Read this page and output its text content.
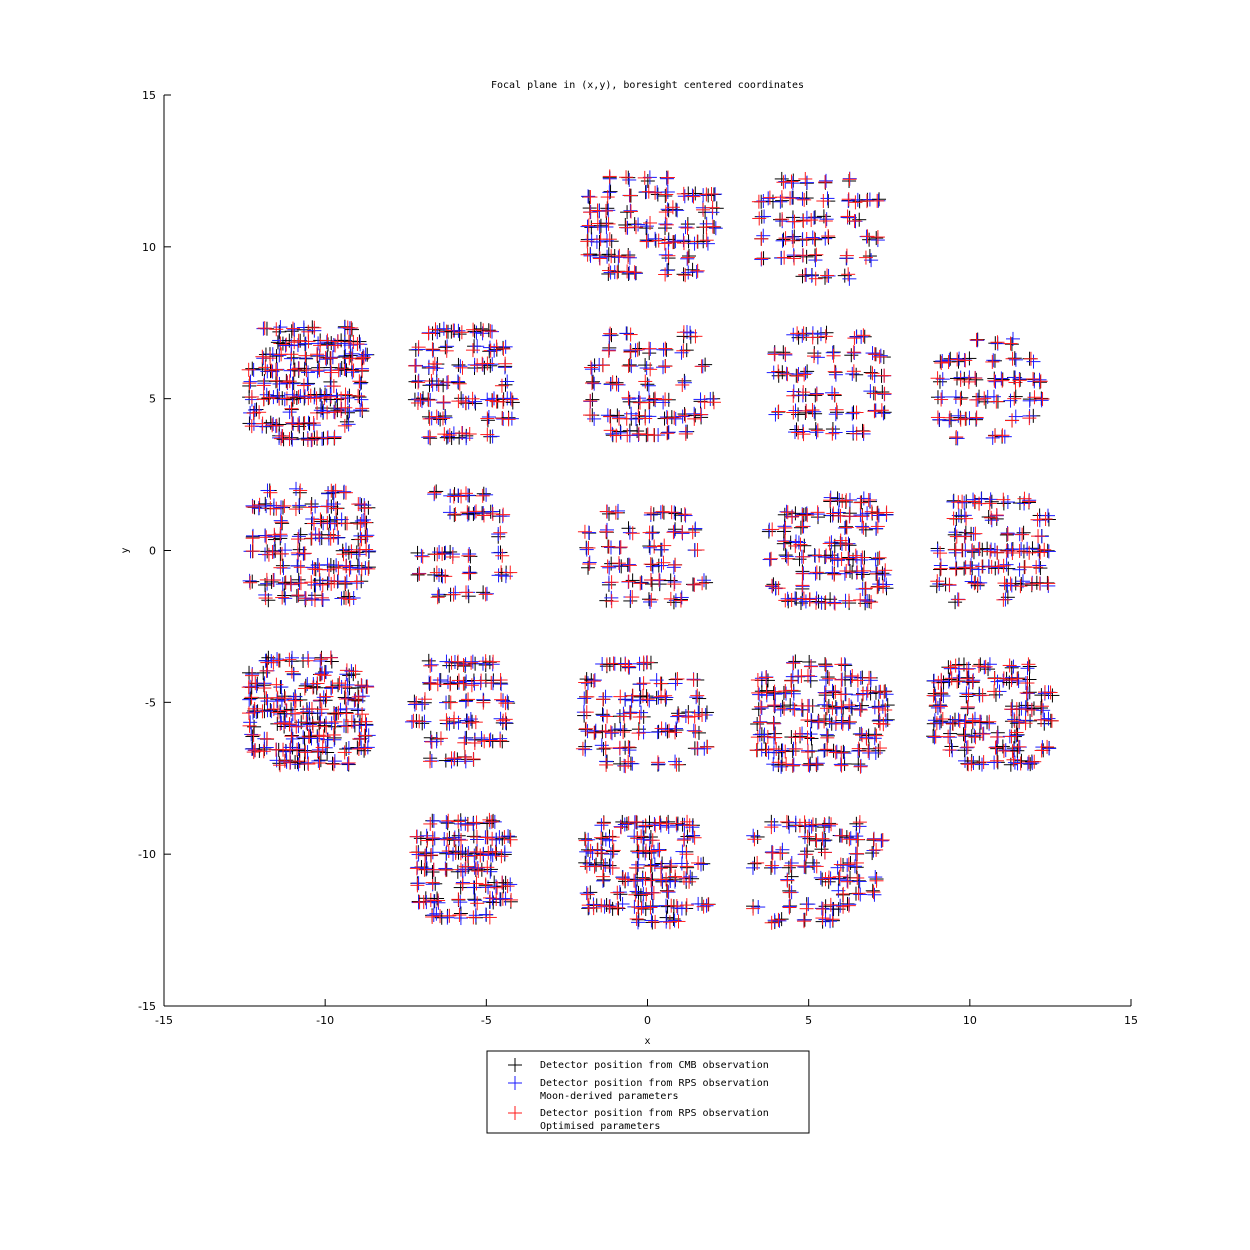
Focal plane in (x,y), boresight centered coordinates
-15	-10	-5	0	5	10	15
-15
-10
-5
0
5
10
15
x
y
Detector position from CMB observation
Detector position from RPS observation
Moon-derived parameters
Detector position from RPS observation
Optimised parameters
